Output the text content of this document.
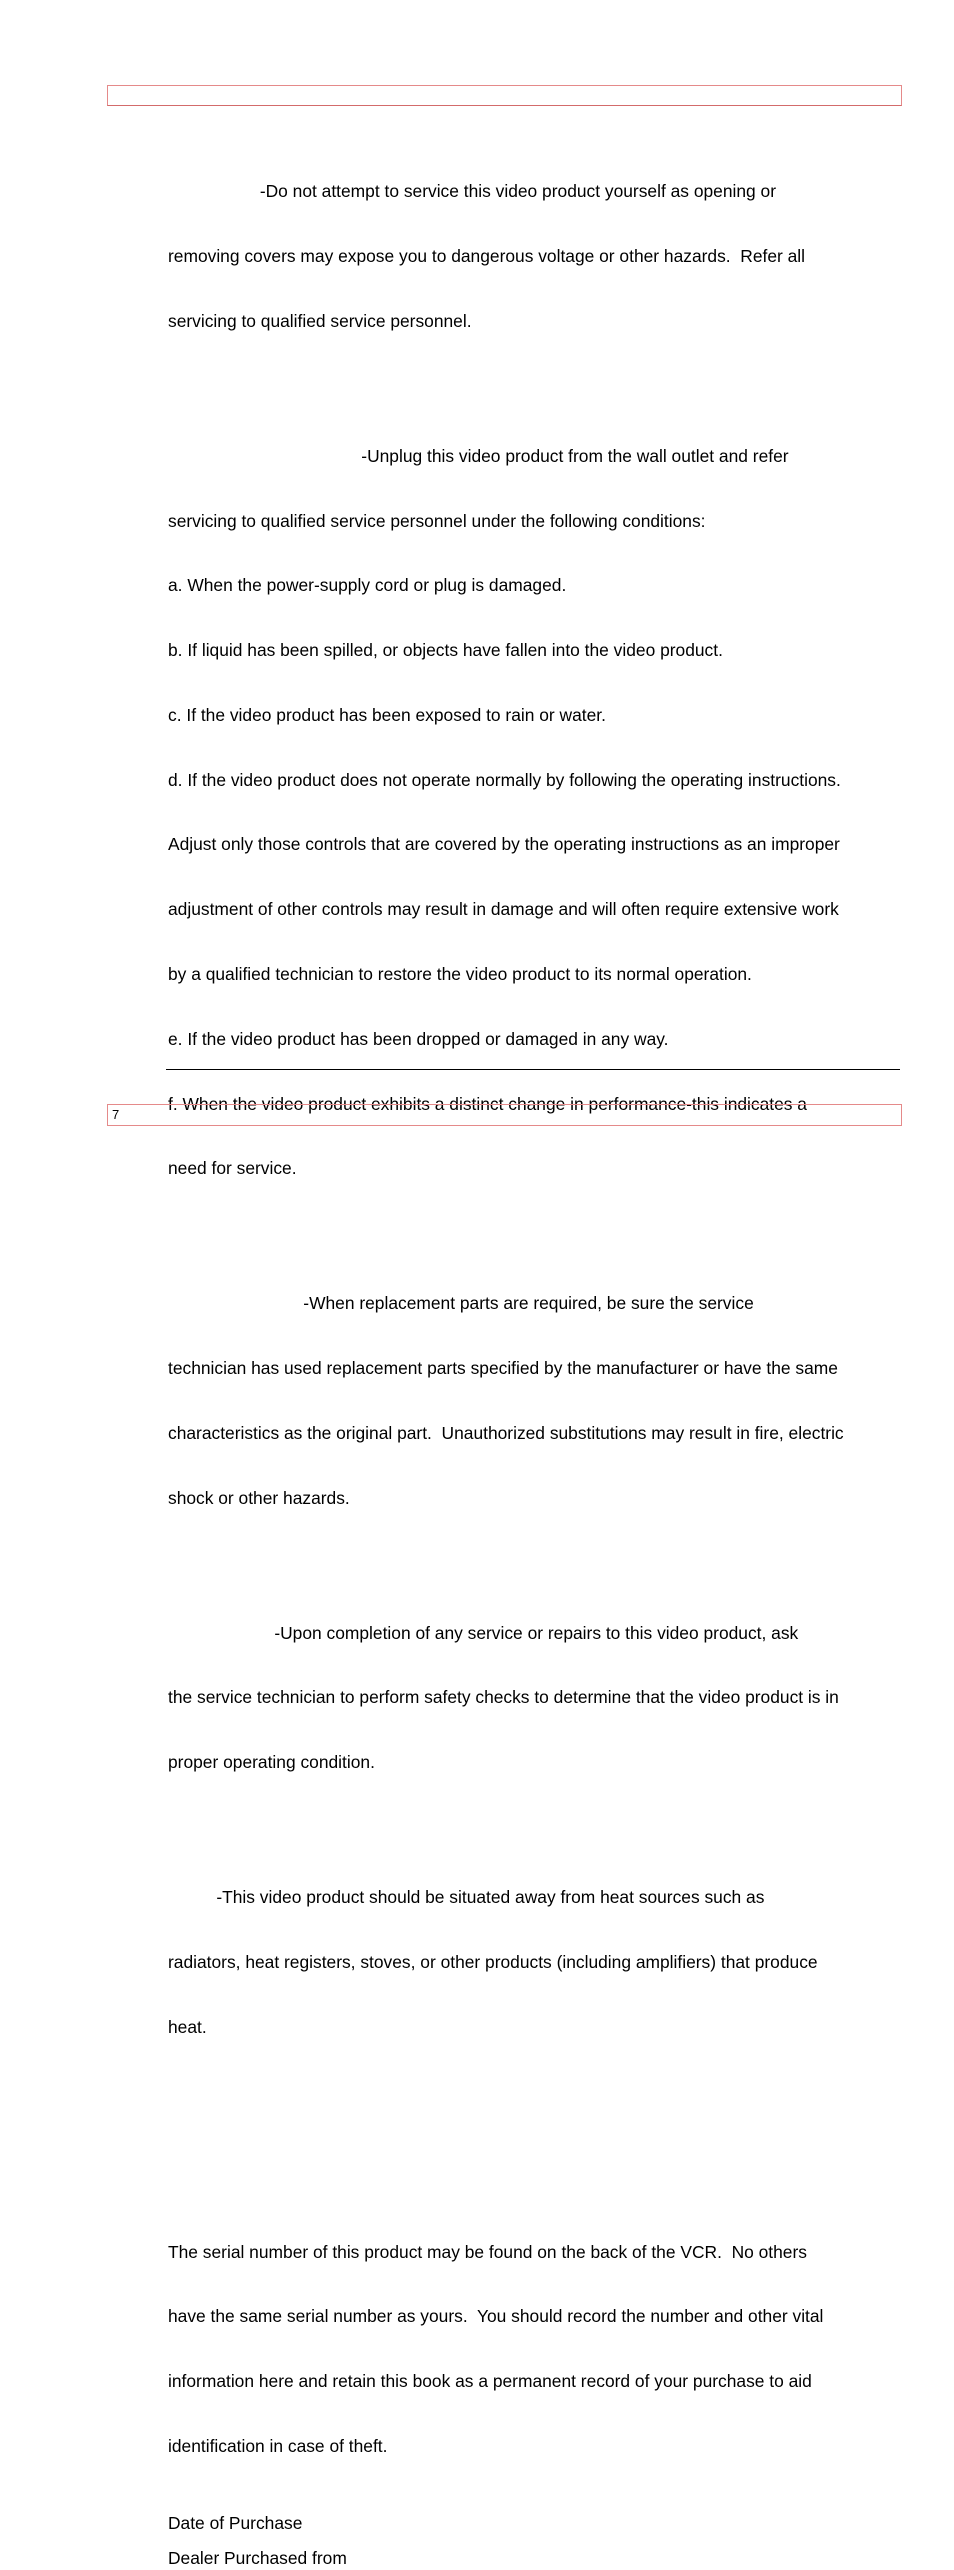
-Do not attempt to service this video product yourself as opening or

removing covers may expose you to dangerous voltage or other hazards.  Refer all

servicing to qualified service personnel.

-Unplug this video product from the wall outlet and refer

servicing to qualified service personnel under the following conditions:

a. When the power-supply cord or plug is damaged.

b. If liquid has been spilled, or objects have fallen into the video product.

c. If the video product has been exposed to rain or water.

d. If the video product does not operate normally by following the operating instructions.

Adjust only those controls that are covered by the operating instructions as an improper

adjustment of other controls may result in damage and will often require extensive work

by a qualified technician to restore the video product to its normal operation.

e. If the video product has been dropped or damaged in any way.

f. When the video product exhibits a distinct change in performance-this indicates a

need for service.

-When replacement parts are required, be sure the service

technician has used replacement parts specified by the manufacturer or have the same

characteristics as the original part.  Unauthorized substitutions may result in fire, electric

shock or other hazards.

-Upon completion of any service or repairs to this video product, ask

the service technician to perform safety checks to determine that the video product is in

proper operating condition.

-This video product should be situated away from heat sources such as

radiators, heat registers, stoves, or other products (including amplifiers) that produce

heat.

The serial number of this product may be found on the back of the VCR.  No others

have the same serial number as yours.  You should record the number and other vital

information here and retain this book as a permanent record of your purchase to aid

identification in case of theft.

Date of Purchase
Dealer Purchased from
7
